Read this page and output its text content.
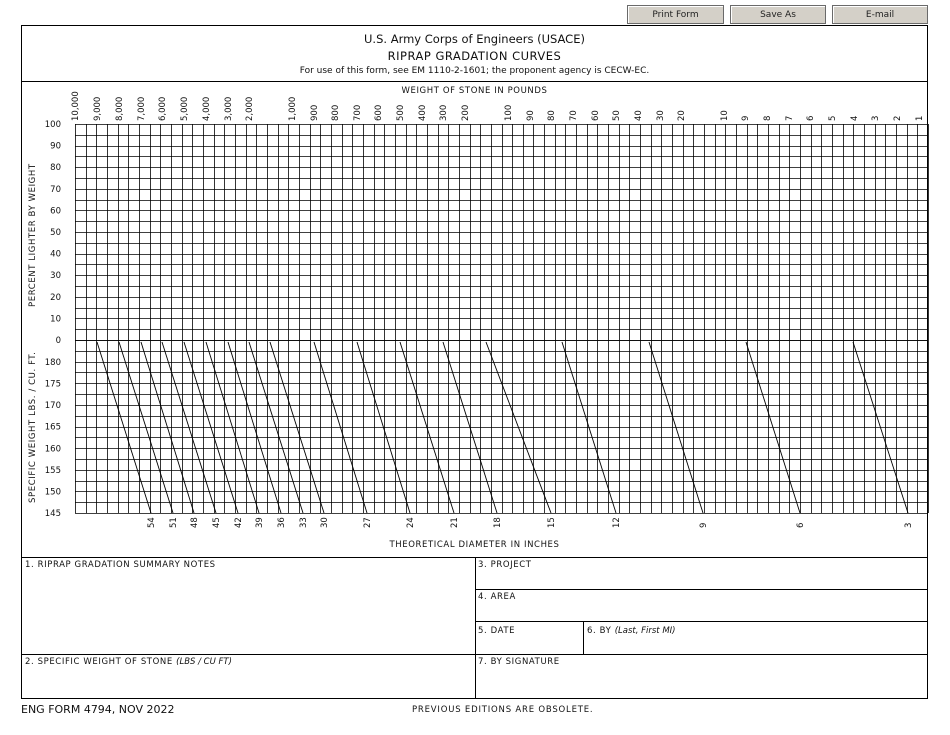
Print Form	Save As	E-mail
U.S. Army Corps of Engineers (USACE)
RIPRAP GRADATION CURVES
For use of this form, see EM 1110-2-1601; the proponent agency is CECW-EC.
10,000 9,000 8,000 7,000 6,000 5,000 4,000 3,000 2,000	1,000 900 800 700 600 500 400 300 200	100 90 80 70 60 50 40 30 20	10 9 8 7 6 5 4 3 2 1
100
90
80
70
60
50
40
30
20
10
0
180
175
170
165
160
155
150
145
54 51 48 45 42 39 36 33 30	27	24	21	18	15	12	9	6	3
WEIGHT OF STONE IN POUNDS
THEORETICAL DIAMETER IN INCHES
PERCENT LIGHTER BY WEIGHT
SPECIFIC WEIGHT LBS. / CU. FT.
1. RIPRAP GRADATION SUMMARY NOTES	3. PROJECT
4. AREA
5. DATE	6. BY (Last, First MI)
2. SPECIFIC WEIGHT OF STONE (LBS / CU FT)	7. BY SIGNATURE
ENG FORM 4794, NOV 2022	PREVIOUS EDITIONS ARE OBSOLETE.
